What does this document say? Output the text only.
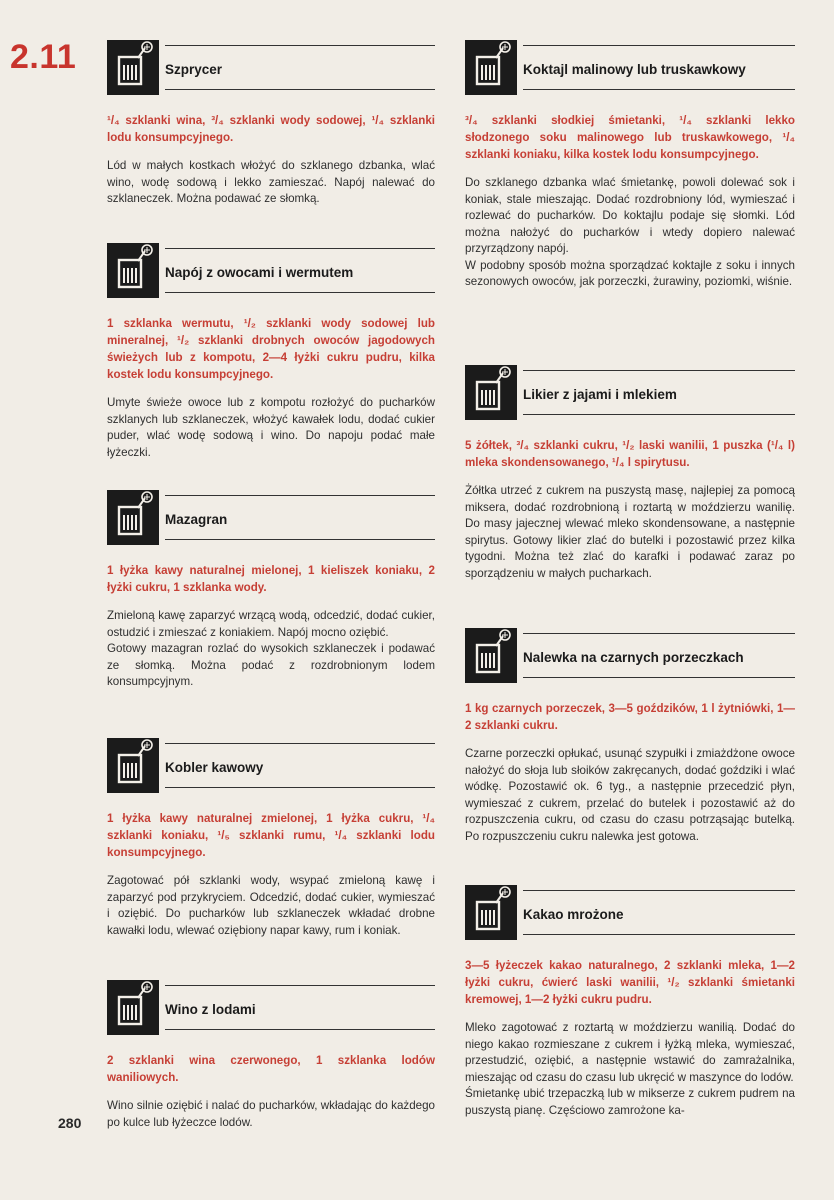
2.11
280
Szprycer
¹/₄ szklanki wina, ³/₄ szklanki wody sodowej, ¹/₄ szklanki lodu konsumpcyjnego.

Lód w małych kostkach włożyć do szklanego dzbanka, wlać wino, wodę sodową i lekko zamieszać. Napój nalewać do szklaneczek. Można podawać ze słomką.

Napój z owocami i wermutem
1 szklanka wermutu, ¹/₂ szklanki wody sodowej lub mineralnej, ¹/₂ szklanki drobnych owoców jagodowych świeżych lub z kompotu, 2—4 łyżki cukru pudru, kilka kostek lodu konsumpcyjnego.

Umyte świeże owoce lub z kompotu rozłożyć do pucharków szklanych lub szklaneczek, włożyć kawałek lodu, dodać cukier puder, wlać wodę sodową i wino. Do napoju podać małe łyżeczki.

Mazagran
1 łyżka kawy naturalnej mielonej, 1 kieliszek koniaku, 2 łyżki cukru, 1 szklanka wody.

Zmieloną kawę zaparzyć wrzącą wodą, odcedzić, dodać cukier, ostudzić i zmieszać z koniakiem. Napój mocno oziębić.

Gotowy mazagran rozlać do wysokich szklaneczek i podawać ze słomką. Można podać z rozdrobnionym lodem konsumpcyjnym.

Kobler kawowy
1 łyżka kawy naturalnej zmielonej, 1 łyżka cukru, ¹/₄ szklanki koniaku, ¹/₅ szklanki rumu, ¹/₄ szklanki lodu konsumpcyjnego.

Zagotować pół szklanki wody, wsypać zmieloną kawę i zaparzyć pod przykryciem. Odcedzić, dodać cukier, wymieszać i oziębić. Do pucharków lub szklaneczek wkładać drobne kawałki lodu, wlewać oziębiony napar kawy, rum i koniak.

Wino z lodami
2 szklanki wina czerwonego, 1 szklanka lodów waniliowych.

Wino silnie oziębić i nalać do pucharków, wkładając do każdego po kulce lub łyżeczce lodów.

Koktajl malinowy lub truskawkowy
³/₄ szklanki słodkiej śmietanki, ¹/₄ szklanki lekko słodzonego soku malinowego lub truskawkowego, ¹/₄ szklanki koniaku, kilka kostek lodu konsumpcyjnego.

Do szklanego dzbanka wlać śmietankę, powoli dolewać sok i koniak, stale mieszając. Dodać rozdrobniony lód, wymieszać i rozlewać do pucharków. Do koktajlu podaje się słomki. Lód można nałożyć do pucharków i wtedy dopiero nalewać przyrządzony napój.

W podobny sposób można sporządzać koktajle z soku i innych sezonowych owoców, jak porzeczki, żurawiny, poziomki, wiśnie.

Likier z jajami i mlekiem
5 żółtek, ³/₄ szklanki cukru, ¹/₂ laski wanilii, 1 puszka (¹/₄ l) mleka skondensowanego, ¹/₄ l spirytusu.

Żółtka utrzeć z cukrem na puszystą masę, najlepiej za pomocą miksera, dodać rozdrobnioną i roztartą w moździerzu wanilię. Do masy jajecznej wlewać mleko skondensowane, a następnie spirytus. Gotowy likier zlać do butelki i pozostawić przez kilka tygodni. Można też zlać do karafki i podawać zaraz po sporządzeniu w małych pucharkach.

Nalewka na czarnych porzeczkach
1 kg czarnych porzeczek, 3—5 goździków, 1 l żytniówki, 1—2 szklanki cukru.

Czarne porzeczki opłukać, usunąć szypułki i zmiażdżone owoce nałożyć do słoja lub słoików zakręcanych, dodać goździki i wlać wódkę. Pozostawić ok. 6 tyg., a następnie przecedzić płyn, wymieszać z cukrem, przelać do butelek i pozostawić aż do rozpuszczenia cukru, od czasu do czasu potrząsając butelką. Po rozpuszczeniu cukru nalewka jest gotowa.

Kakao mrożone
3—5 łyżeczek kakao naturalnego, 2 szklanki mleka, 1—2 łyżki cukru, ćwierć laski wanilii, ¹/₂ szklanki śmietanki kremowej, 1—2 łyżki cukru pudru.

Mleko zagotować z roztartą w moździerzu wanilią. Dodać do niego kakao rozmieszane z cukrem i łyżką mleka, wymieszać, przestudzić, oziębić, a następnie wstawić do zamrażalnika, mieszając od czasu do czasu lub ukręcić w maszynce do lodów.

Śmietankę ubić trzepaczką lub w mikserze z cukrem pudrem na puszystą pianę. Częściowo zamrożone ka-
